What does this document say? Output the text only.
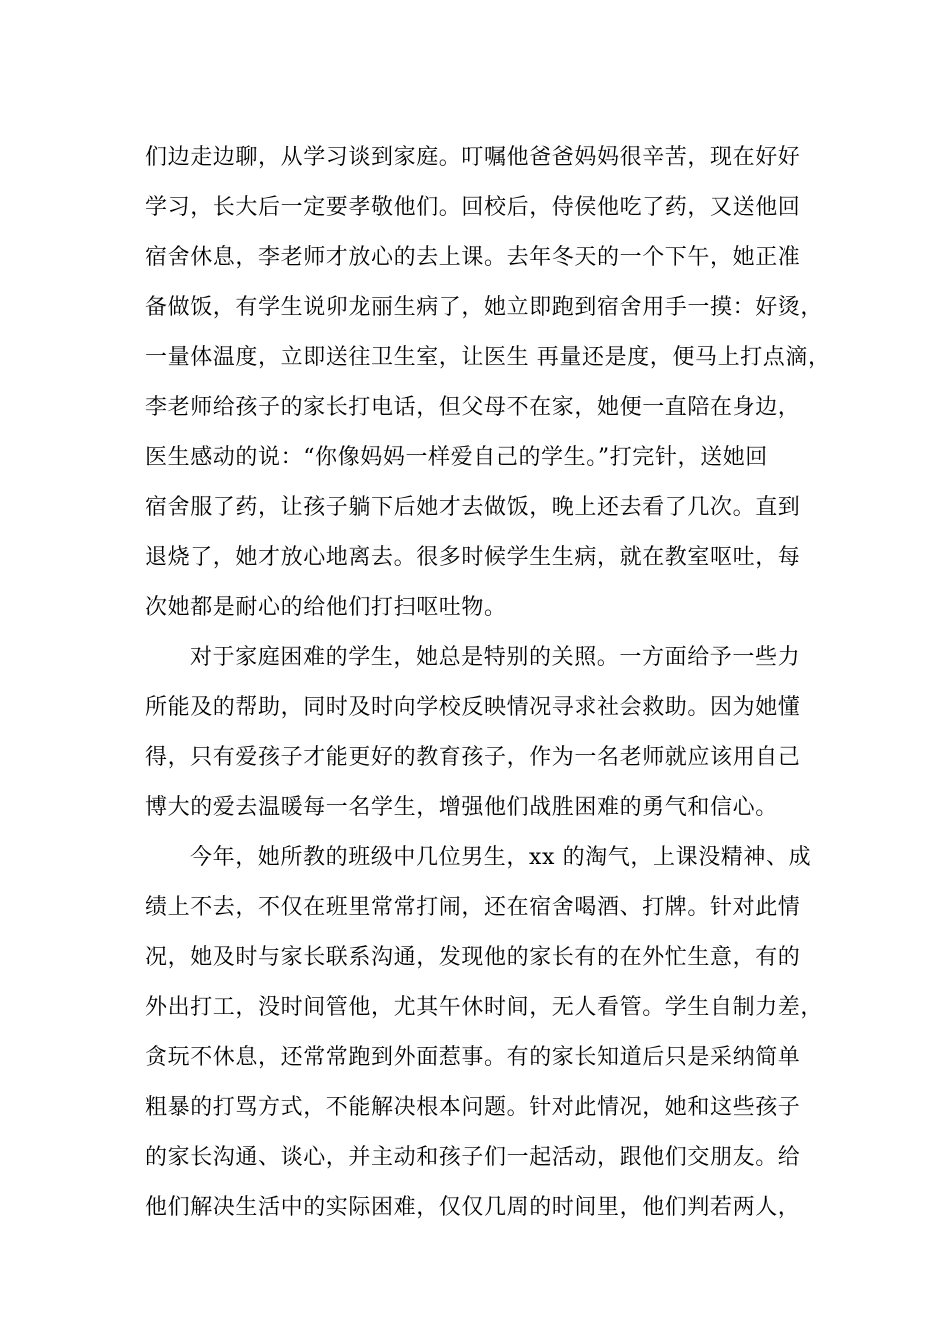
们边走边聊，从学习谈到家庭。叮嘱他爸爸妈妈很辛苦，现在好好
学习，长大后一定要孝敬他们。回校后，侍侯他吃了药，又送他回
宿舍休息，李老师才放心的去上课。去年冬天的一个下午，她正准
备做饭，有学生说卯龙丽生病了，她立即跑到宿舍用手一摸：好烫，
一量体温度，立即送往卫生室，让医生 再量还是度，便马上打点滴，
李老师给孩子的家长打电话，但父母不在家，她便一直陪在身边，
医生感动的说：“你像妈妈一样爱自己的学生。”打完针，送她回
宿舍服了药，让孩子躺下后她才去做饭，晚上还去看了几次。直到
退烧了，她才放心地离去。很多时候学生生病，就在教室呕吐，每
次她都是耐心的给他们打扫呕吐物。
对于家庭困难的学生，她总是特别的关照。一方面给予一些力
所能及的帮助，同时及时向学校反映情况寻求社会救助。因为她懂
得，只有爱孩子才能更好的教育孩子，作为一名老师就应该用自己
博大的爱去温暖每一名学生，增强他们战胜困难的勇气和信心。
今年，她所教的班级中几位男生，xx 的淘气，上课没精神、成
绩上不去，不仅在班里常常打闹，还在宿舍喝酒、打牌。针对此情
况，她及时与家长联系沟通，发现他的家长有的在外忙生意，有的
外出打工，没时间管他，尤其午休时间，无人看管。学生自制力差，
贪玩不休息，还常常跑到外面惹事。有的家长知道后只是采纳简单
粗暴的打骂方式，不能解决根本问题。针对此情况，她和这些孩子
的家长沟通、谈心，并主动和孩子们一起活动，跟他们交朋友。给
他们解决生活中的实际困难，仅仅几周的时间里，他们判若两人，
